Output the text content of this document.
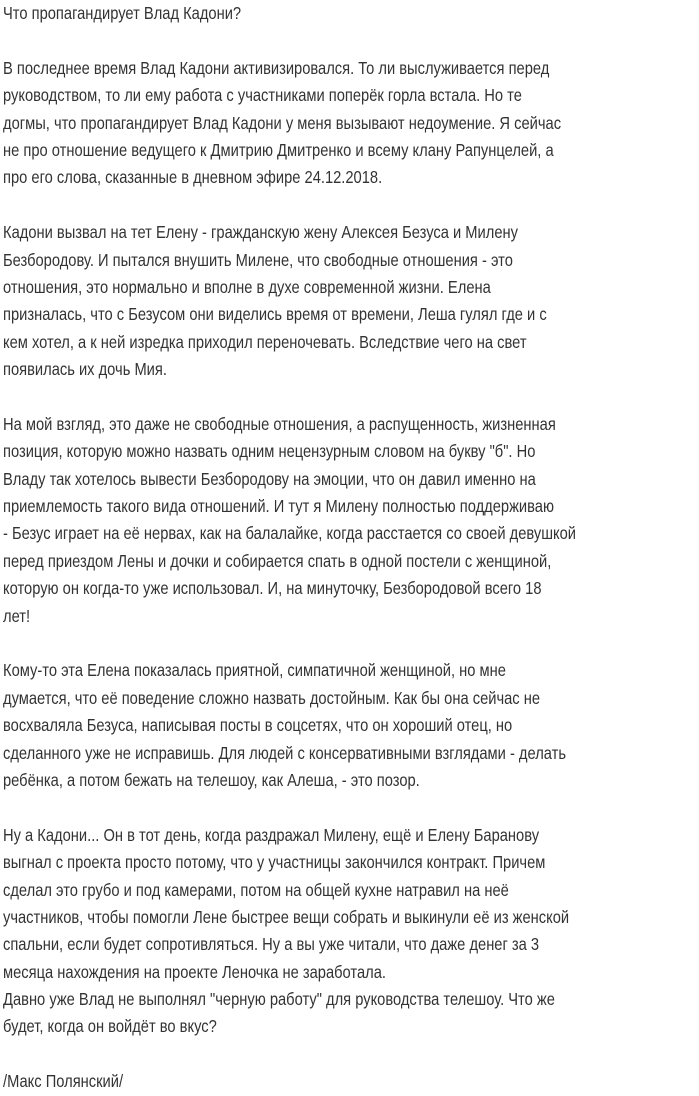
Что пропагандирует Влад Кадони?
В последнее время Влад Кадони активизировался. То ли выслуживается перед
руководством, то ли ему работа с участниками поперёк горла встала. Но те
догмы, что пропагандирует Влад Кадони у меня вызывают недоумение. Я сейчас
не про отношение ведущего к Дмитрию Дмитренко и всему клану Рапунцелей, а
про его слова, сказанные в дневном эфире 24.12.2018.
Кадони вызвал на тет Елену - гражданскую жену Алексея Безуса и Милену
Безбородову. И пытался внушить Милене, что свободные отношения - это
отношения, это нормально и вполне в духе современной жизни. Елена
призналась, что с Безусом они виделись время от времени, Леша гулял где и с
кем хотел, а к ней изредка приходил переночевать. Вследствие чего на свет
появилась их дочь Мия.
На мой взгляд, это даже не свободные отношения, а распущенность, жизненная
позиция, которую можно назвать одним нецензурным словом на букву "б". Но
Владу так хотелось вывести Безбородову на эмоции, что он давил именно на
приемлемость такого вида отношений. И тут я Милену полностью поддерживаю
- Безус играет на её нервах, как на балалайке, когда расстается со своей девушкой
перед приездом Лены и дочки и собирается спать в одной постели с женщиной,
которую он когда-то уже использовал. И, на минуточку, Безбородовой всего 18
лет!
Кому-то эта Елена показалась приятной, симпатичной женщиной, но мне
думается, что её поведение сложно назвать достойным. Как бы она сейчас не
восхваляла Безуса, написывая посты в соцсетях, что он хороший отец, но
сделанного уже не исправишь. Для людей с консервативными взглядами - делать
ребёнка, а потом бежать на телешоу, как Алеша, - это позор.
Ну а Кадони... Он в тот день, когда раздражал Милену, ещё и Елену Баранову
выгнал с проекта просто потому, что у участницы закончился контракт. Причем
сделал это грубо и под камерами, потом на общей кухне натравил на неё
участников, чтобы помогли Лене быстрее вещи собрать и выкинули её из женской
спальни, если будет сопротивляться. Ну а вы уже читали, что даже денег за 3
месяца нахождения на проекте Леночка не заработала.
Давно уже Влад не выполнял "черную работу" для руководства телешоу. Что же
будет, когда он войдёт во вкус?
/Макс Полянский/
